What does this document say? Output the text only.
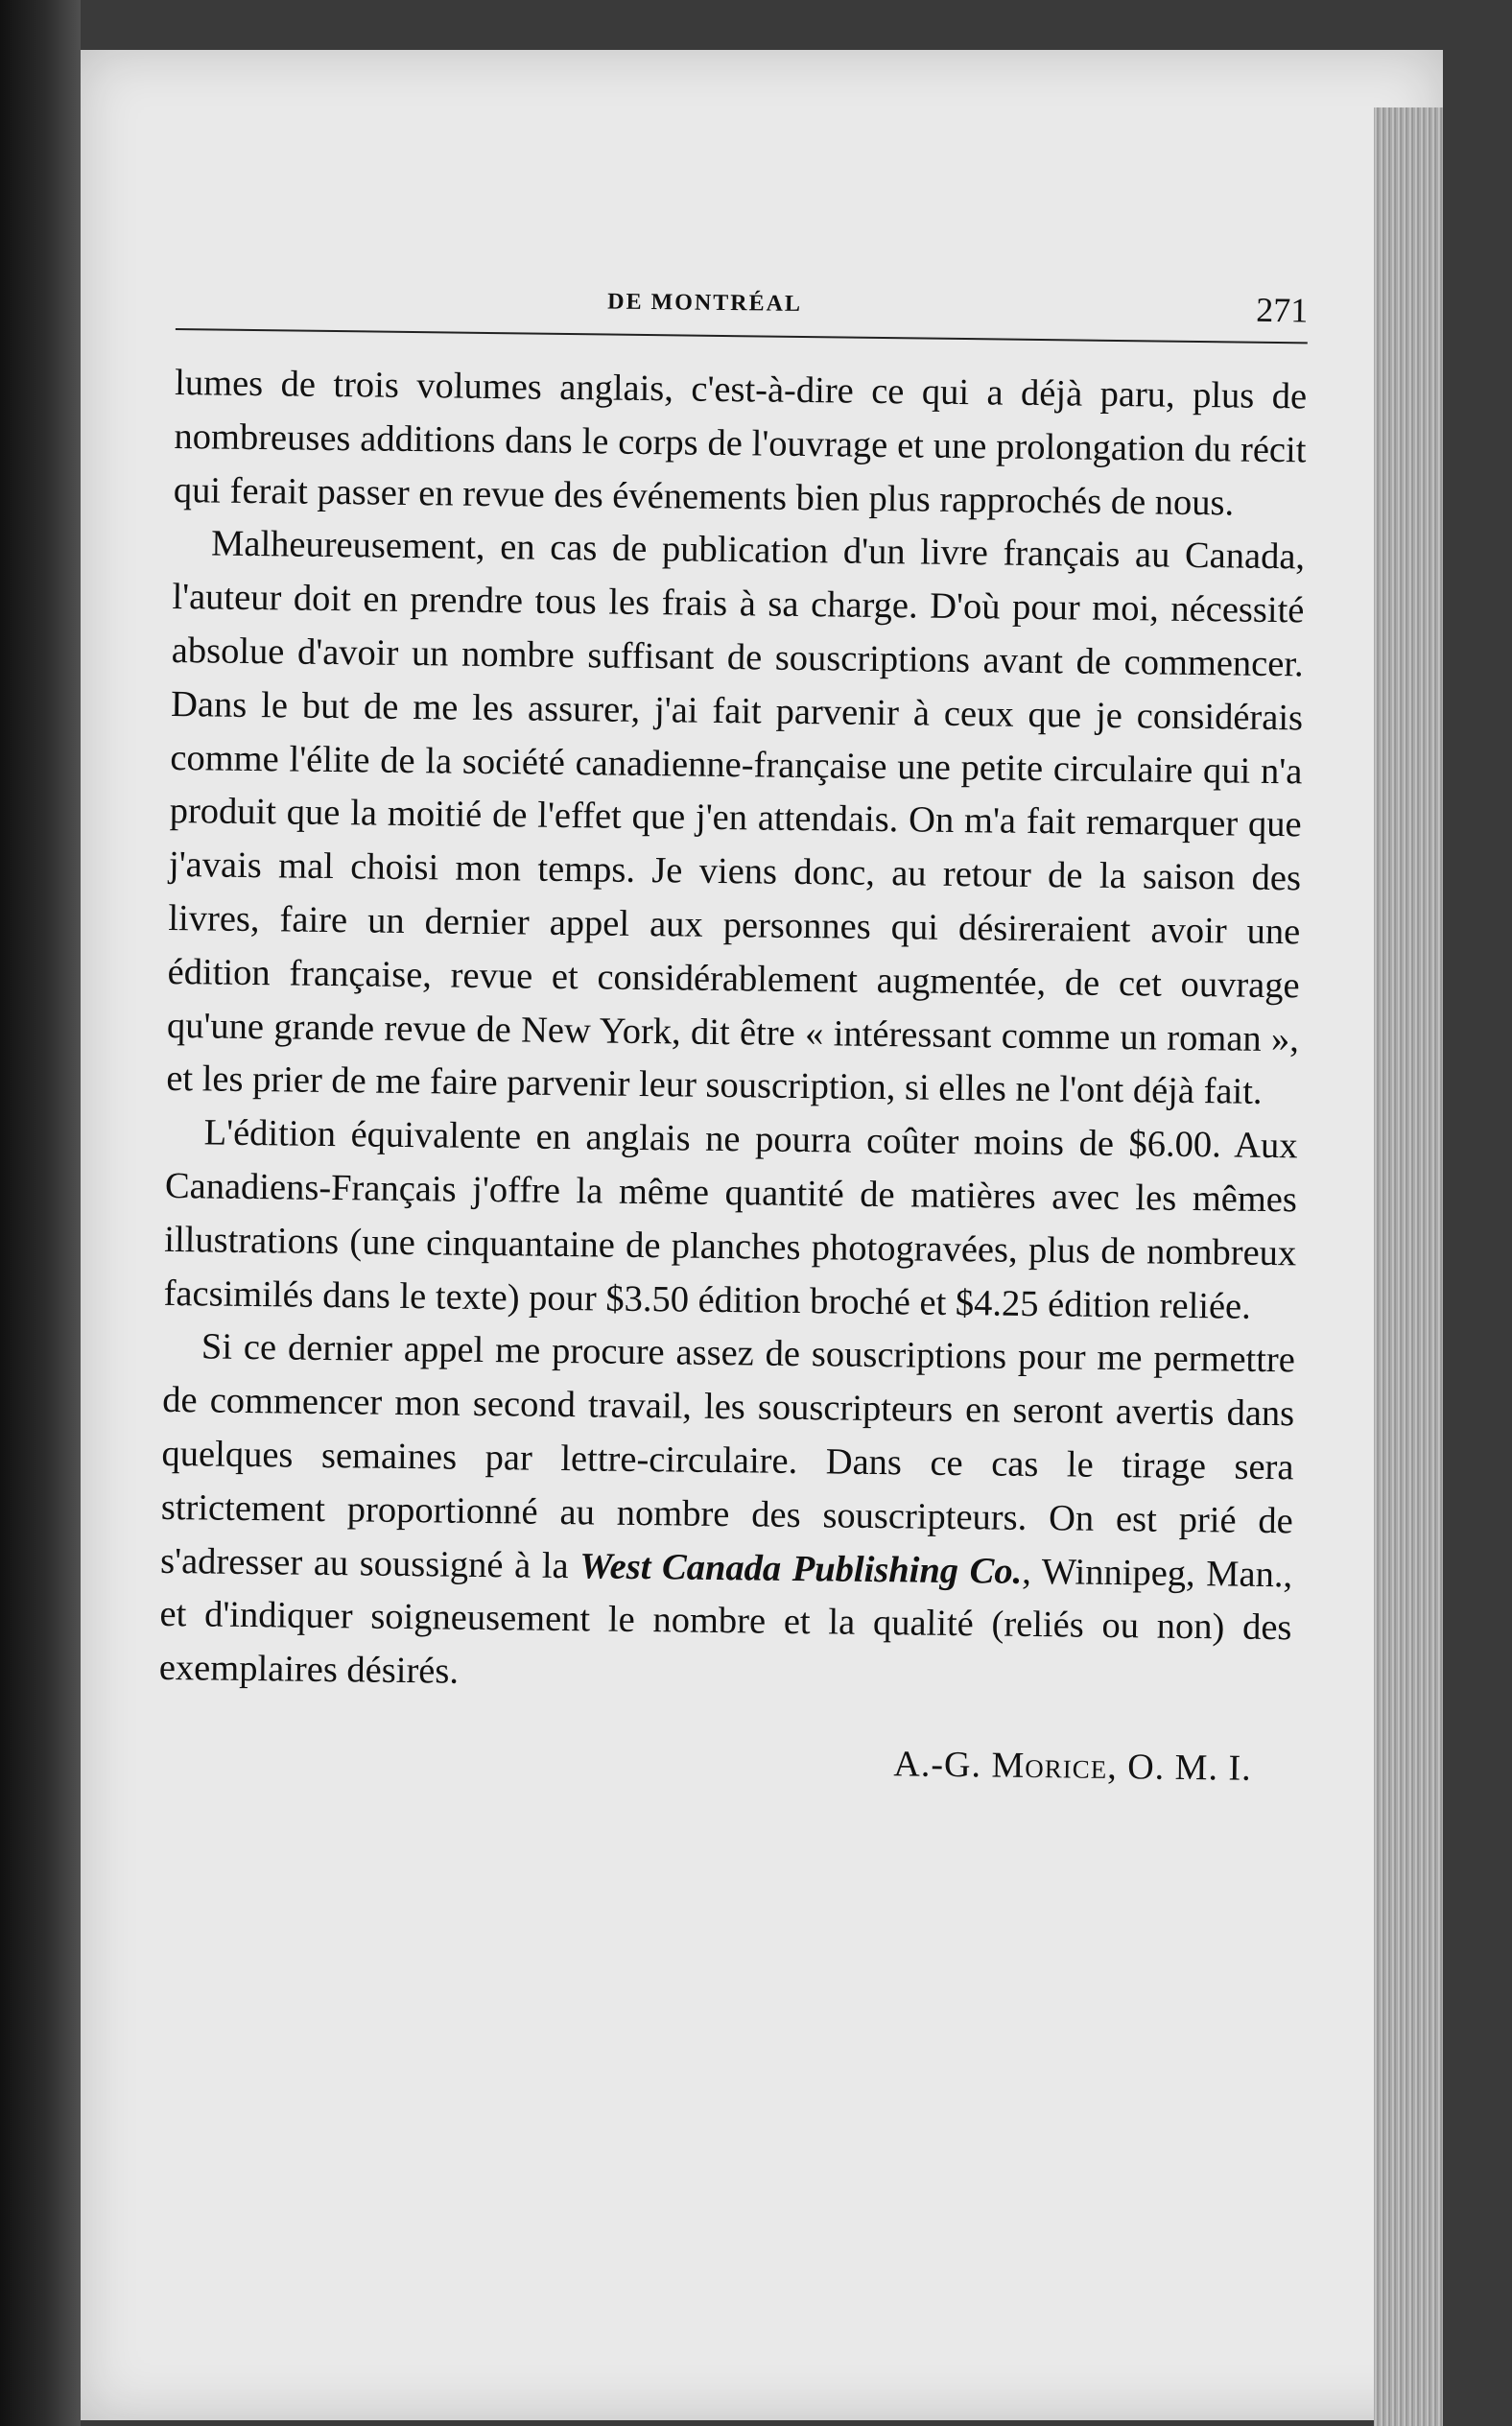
DE MONTRÉAL	271

lumes de trois volumes anglais, c'est-à-dire ce qui a déjà paru, plus de nombreuses additions dans le corps de l'ouvrage et une prolongation du récit qui ferait passer en revue des événements bien plus rapprochés de nous.

Malheureusement, en cas de publication d'un livre français au Canada, l'auteur doit en prendre tous les frais à sa charge. D'où pour moi, nécessité absolue d'avoir un nombre suffisant de souscriptions avant de commencer. Dans le but de me les assurer, j'ai fait parvenir à ceux que je considérais comme l'élite de la société canadienne-française une petite circulaire qui n'a produit que la moitié de l'effet que j'en attendais. On m'a fait remarquer que j'avais mal choisi mon temps. Je viens donc, au retour de la saison des livres, faire un dernier appel aux personnes qui désireraient avoir une édition française, revue et considérablement augmentée, de cet ouvrage qu'une grande revue de New York, dit être « intéressant comme un roman », et les prier de me faire parvenir leur souscription, si elles ne l'ont déjà fait.

L'édition équivalente en anglais ne pourra coûter moins de $6.00. Aux Canadiens-Français j'offre la même quantité de matières avec les mêmes illustrations (une cinquantaine de planches photogravées, plus de nombreux facsimilés dans le texte) pour $3.50 édition broché et $4.25 édition reliée.

Si ce dernier appel me procure assez de souscriptions pour me permettre de commencer mon second travail, les souscripteurs en seront avertis dans quelques semaines par lettre-circulaire. Dans ce cas le tirage sera strictement proportionné au nombre des souscripteurs. On est prié de s'adresser au soussigné à la West Canada Publishing Co., Winnipeg, Man., et d'indiquer soigneusement le nombre et la qualité (reliés ou non) des exemplaires désirés.

A.-G. Morice, O. M. I.
